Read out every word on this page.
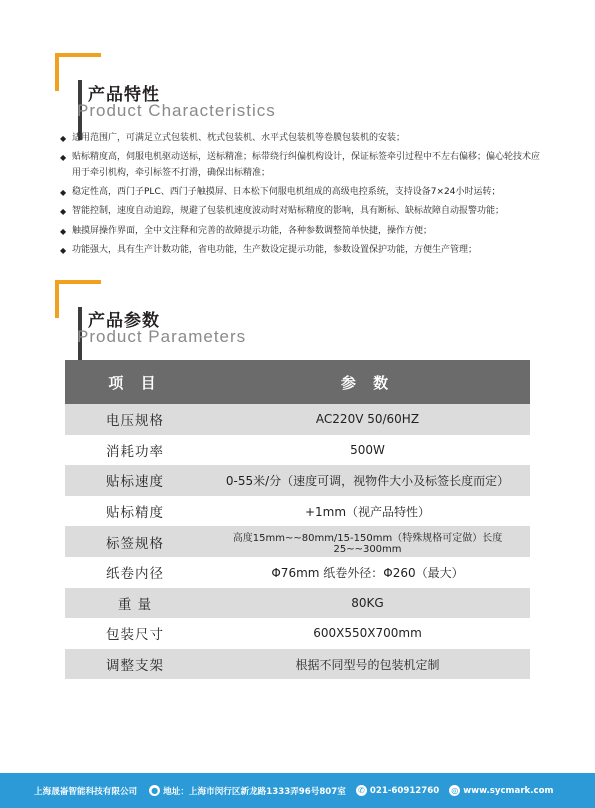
产品特性
Product Characteristics
◆ 适用范围广，可满足立式包装机、枕式包装机、水平式包装机等卷膜包装机的安装；
◆ 贴标精度高，伺服电机驱动送标，送标精准；标带绕行纠偏机构设计，保证标签牵引过程中不左右偏移；偏心轮技术应用于牵引机构，牵引标签不打滑，确保出标精准；
◆ 稳定性高，西门子PLC、西门子触摸屏、日本松下伺服电机组成的高级电控系统，支持设备7×24小时运转；
◆ 智能控制，速度自动追踪，规避了包装机速度波动时对贴标精度的影响，具有断标、缺标故障自动报警功能；
◆ 触摸屏操作界面，全中文注释和完善的故障提示功能，各种参数调整简单快捷，操作方便；
◆ 功能强大，具有生产计数功能，省电功能，生产数设定提示功能，参数设置保护功能，方便生产管理；
产品参数
Product Parameters
项 目	参 数
电压规格	AC220V 50/60HZ
消耗功率	500W
贴标速度	0-55米/分（速度可调，视物件大小及标签长度而定）
贴标精度	+1mm（视产品特性）
标签规格	高度15mm~~80mm/15-150mm（特殊规格可定做）长度25~~300mm
纸卷内径	Φ76mm 纸卷外径：Φ260（最大）
重 量	80KG
包装尺寸	600X550X700mm
调整支架	根据不同型号的包装机定制
上海晟崙智能科技有限公司 ● 地址：上海市闵行区新龙路1333弄96号807室 ✆ 021-60912760 ◎ www.sycmark.com
